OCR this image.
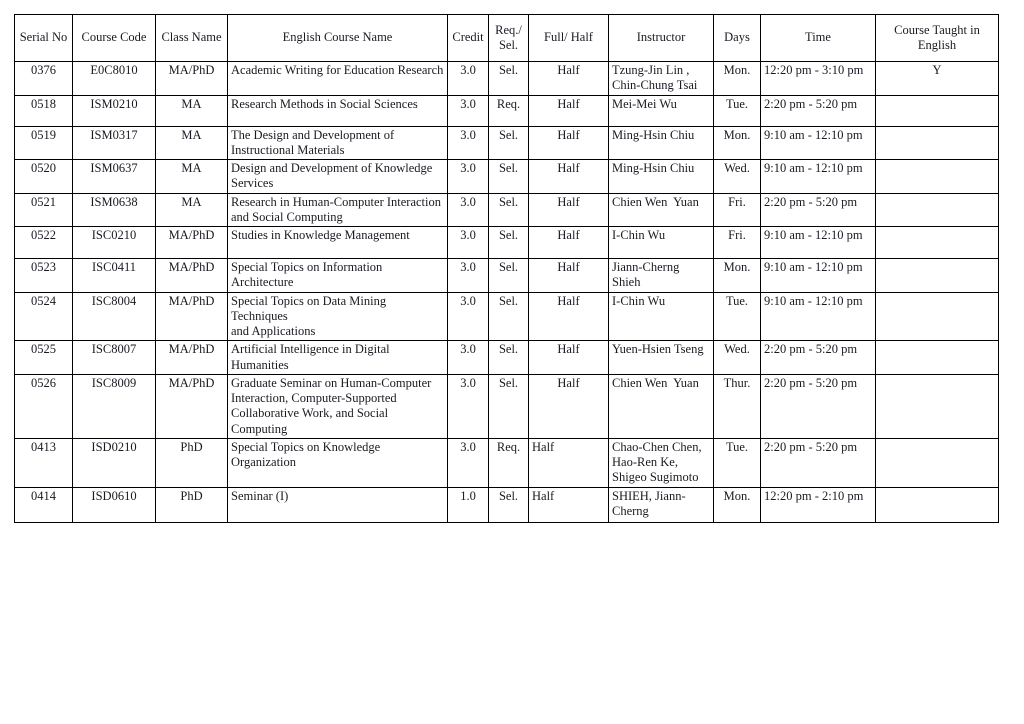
Serial No	Course Code	Class Name	English Course Name	Credit	Req./
Sel.	Full/ Half	Instructor	Days	Time	Course Taught in
English

0376	E0C8010	MA/PhD	Academic Writing for Education Research	3.0	Sel.	Half	Tzung-Jin Lin ,
Chin-Chung Tsai	Mon.	12:20 pm - 3:10 pm	Y

0518	ISM0210	MA	Research Methods in Social Sciences	3.0	Req.	Half	Mei-Mei Wu	Tue.	2:20 pm - 5:20 pm	

0519	ISM0317	MA	The Design and Development of
Instructional Materials	3.0	Sel.	Half	Ming-Hsin Chiu	Mon.	9:10 am - 12:10 pm	

0520	ISM0637	MA	Design and Development of Knowledge
Services	3.0	Sel.	Half	Ming-Hsin Chiu	Wed.	9:10 am - 12:10 pm	

0521	ISM0638	MA	Research in Human-Computer Interaction
and Social Computing	3.0	Sel.	Half	Chien Wen  Yuan	Fri.	2:20 pm - 5:20 pm	

0522	ISC0210	MA/PhD	Studies in Knowledge Management	3.0	Sel.	Half	I-Chin Wu	Fri.	9:10 am - 12:10 pm	

0523	ISC0411	MA/PhD	Special Topics on Information Architecture	3.0	Sel.	Half	Jiann-Cherng Shieh	Mon.	9:10 am - 12:10 pm	

0524	ISC8004	MA/PhD	Special Topics on Data Mining Techniques
and Applications	3.0	Sel.	Half	I-Chin Wu	Tue.	9:10 am - 12:10 pm	

0525	ISC8007	MA/PhD	Artificial Intelligence in Digital Humanities	3.0	Sel.	Half	Yuen-Hsien Tseng	Wed.	2:20 pm - 5:20 pm	

0526	ISC8009	MA/PhD	Graduate Seminar on Human-Computer
Interaction, Computer-Supported
Collaborative Work, and Social Computing	3.0	Sel.	Half	Chien Wen  Yuan	Thur.	2:20 pm - 5:20 pm	

0413	ISD0210	PhD	Special Topics on Knowledge Organization	3.0	Req.	Half	Chao-Chen Chen,
Hao-Ren Ke,
Shigeo Sugimoto	Tue.	2:20 pm - 5:20 pm	

0414	ISD0610	PhD	Seminar (I)	1.0	Sel.	Half	SHIEH, Jiann-
Cherng	Mon.	12:20 pm - 2:10 pm	
